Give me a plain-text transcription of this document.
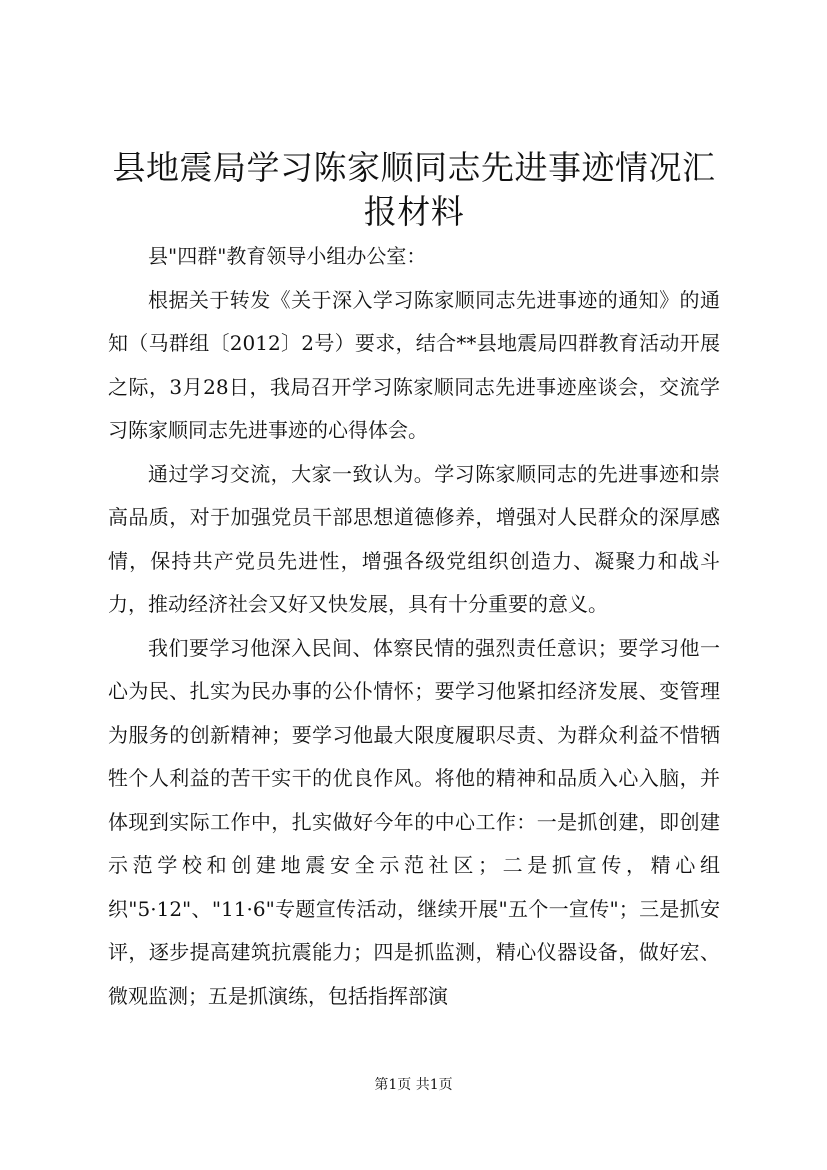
县地震局学习陈家顺同志先进事迹情况汇报材料

县"四群"教育领导小组办公室：

根据关于转发《关于深入学习陈家顺同志先进事迹的通知》的通知（马群组〔2012〕2号）要求，结合**县地震局四群教育活动开展之际，3月28日，我局召开学习陈家顺同志先进事迹座谈会，交流学习陈家顺同志先进事迹的心得体会。

通过学习交流，大家一致认为。学习陈家顺同志的先进事迹和崇高品质，对于加强党员干部思想道德修养，增强对人民群众的深厚感情，保持共产党员先进性，增强各级党组织创造力、凝聚力和战斗力，推动经济社会又好又快发展，具有十分重要的意义。

我们要学习他深入民间、体察民情的强烈责任意识；要学习他一心为民、扎实为民办事的公仆情怀；要学习他紧扣经济发展、变管理为服务的创新精神；要学习他最大限度履职尽责、为群众利益不惜牺牲个人利益的苦干实干的优良作风。将他的精神和品质入心入脑，并体现到实际工作中，扎实做好今年的中心工作：一是抓创建，即创建示范学校和创建地震安全示范社区；二是抓宣传，精心组织"5·12"、"11·6"专题宣传活动，继续开展"五个一宣传"；三是抓安评，逐步提高建筑抗震能力；四是抓监测，精心仪器设备，做好宏、微观监测；五是抓演练，包括指挥部演

第1页 共1页
